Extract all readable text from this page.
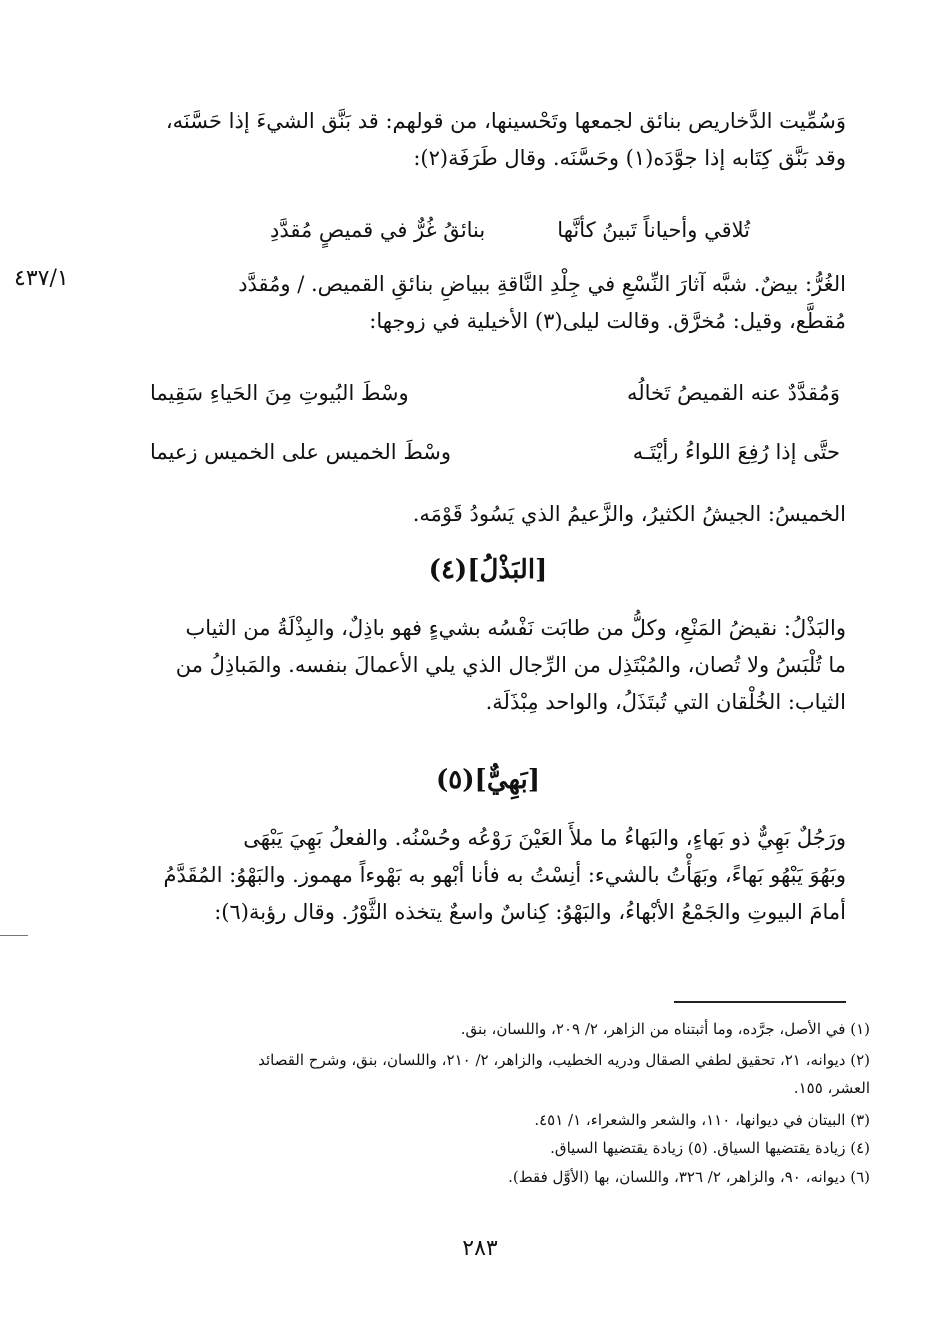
٤٣٧/١
وَسُمِّيت الدَّخاريص بنائق لجمعها وتَحْسينها، من قولهم: قد بَنَّق الشيءَ إذا حَسَّنَه،
وقد بَنَّق كِتَابه إذا جوَّدَه(١) وحَسَّنَه. وقال طَرَفَة(٢):
تُلاقي وأحياناً تَبينُ كأنَّها
بنائقُ غُرٌّ في قميصٍ مُقدَّدِ
الغُرُّ: بيضٌ. شبَّه آثارَ النِّسْعِ في جِلْدِ النَّاقةِ ببياضِ بنائقِ القميص. / ومُقدَّد
مُقطَّع، وقيل: مُخرَّق. وقالت ليلى(٣) الأخيلية في زوجها:
وَمُقدَّدٌ عنه القميصُ تَخالُه
وسْطَ البُيوتِ مِنَ الحَياءِ سَقِيما
حتَّى إذا رُفِعَ اللواءُ رأيْتَـه
وسْطَ الخميس على الخميس زعيما
الخميسُ: الجيشُ الكثيرُ، والزَّعيمُ الذي يَسُودُ قَوْمَه.
[البَذْلُ](٤)
والبَذْلُ: نقيضُ المَنْعِ، وكلُّ من طابَت نَفْسُه بشيءٍ فهو باذِلٌ، والبِذْلَةُ من الثياب
ما تُلْبَسُ ولا تُصان، والمُبْتَذِل من الرِّجال الذي يلي الأعمالَ بنفسه. والمَباذِلُ من
الثياب: الخُلْقان التي تُبتَذَلُ، والواحد مِبْذَلَة.
[بَهِيٌّ](٥)
ورَجُلٌ بَهِيٌّ ذو بَهاءٍ، والبَهاءُ ما ملأَ العَيْنَ رَوْعُه وحُسْنُه. والفعلُ بَهِيَ يَبْهَى
وبَهُوَ يَبْهُو بَهاءً، وبَهَأْتُ بالشيء: أنِسْتُ به فأنا أبْهو به بَهْوءاً مهموز. والبَهْوُ: المُقَدَّمُ
أمامَ البيوتِ والجَمْعُ الأبْهاءُ، والبَهْوُ: كِناسٌ واسعٌ يتخذه الثَّوْرُ. وقال رؤبة(٦):
(١) في الأصل، جرَّده، وما أثبتناه من الزاهر، ٢/ ٢٠٩، واللسان، بنق.
(٢) ديوانه، ٢١، تحقيق لطفي الصقال ودريه الخطيب، والزاهر، ٢/ ٢١٠، واللسان، بنق، وشرح القصائد
العشر، ١٥٥.
(٣) البيتان في ديوانها، ١١٠، والشعر والشعراء، ١/ ٤٥١.
(٤) زيادة يقتضيها السياق. (٥) زيادة يقتضيها السياق.
(٦) ديوانه، ٩٠، والزاهر، ٢/ ٣٢٦، واللسان، بها (الأوَّل فقط).
٢٨٣
